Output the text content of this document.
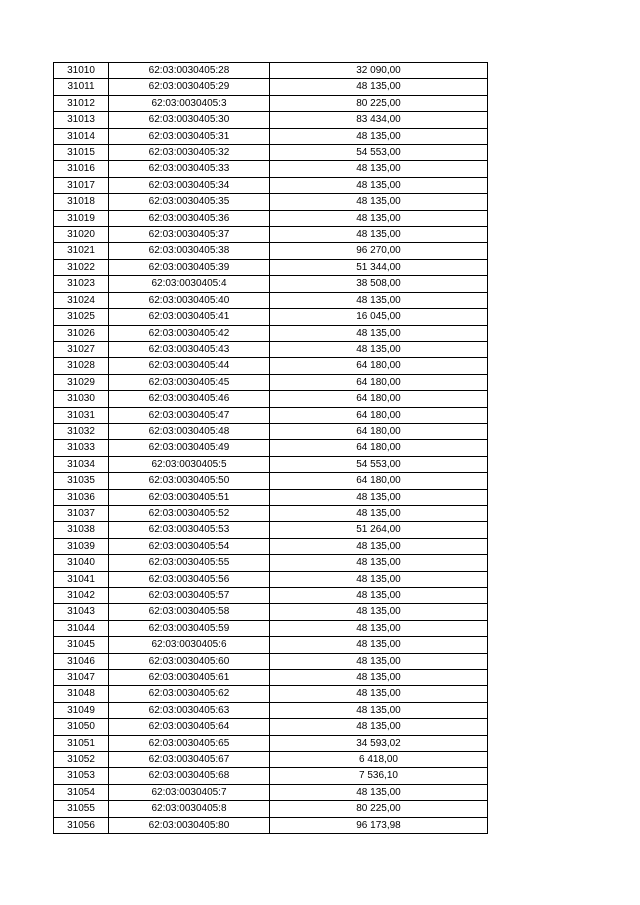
31010	62:03:0030405:28	32 090,00
31011	62:03:0030405:29	48 135,00
31012	62:03:0030405:3	80 225,00
31013	62:03:0030405:30	83 434,00
31014	62:03:0030405:31	48 135,00
31015	62:03:0030405:32	54 553,00
31016	62:03:0030405:33	48 135,00
31017	62:03:0030405:34	48 135,00
31018	62:03:0030405:35	48 135,00
31019	62:03:0030405:36	48 135,00
31020	62:03:0030405:37	48 135,00
31021	62:03:0030405:38	96 270,00
31022	62:03:0030405:39	51 344,00
31023	62:03:0030405:4	38 508,00
31024	62:03:0030405:40	48 135,00
31025	62:03:0030405:41	16 045,00
31026	62:03:0030405:42	48 135,00
31027	62:03:0030405:43	48 135,00
31028	62:03:0030405:44	64 180,00
31029	62:03:0030405:45	64 180,00
31030	62:03:0030405:46	64 180,00
31031	62:03:0030405:47	64 180,00
31032	62:03:0030405:48	64 180,00
31033	62:03:0030405:49	64 180,00
31034	62:03:0030405:5	54 553,00
31035	62:03:0030405:50	64 180,00
31036	62:03:0030405:51	48 135,00
31037	62:03:0030405:52	48 135,00
31038	62:03:0030405:53	51 264,00
31039	62:03:0030405:54	48 135,00
31040	62:03:0030405:55	48 135,00
31041	62:03:0030405:56	48 135,00
31042	62:03:0030405:57	48 135,00
31043	62:03:0030405:58	48 135,00
31044	62:03:0030405:59	48 135,00
31045	62:03:0030405:6	48 135,00
31046	62:03:0030405:60	48 135,00
31047	62:03:0030405:61	48 135,00
31048	62:03:0030405:62	48 135,00
31049	62:03:0030405:63	48 135,00
31050	62:03:0030405:64	48 135,00
31051	62:03:0030405:65	34 593,02
31052	62:03:0030405:67	6 418,00
31053	62:03:0030405:68	7 536,10
31054	62:03:0030405:7	48 135,00
31055	62:03:0030405:8	80 225,00
31056	62:03:0030405:80	96 173,98
